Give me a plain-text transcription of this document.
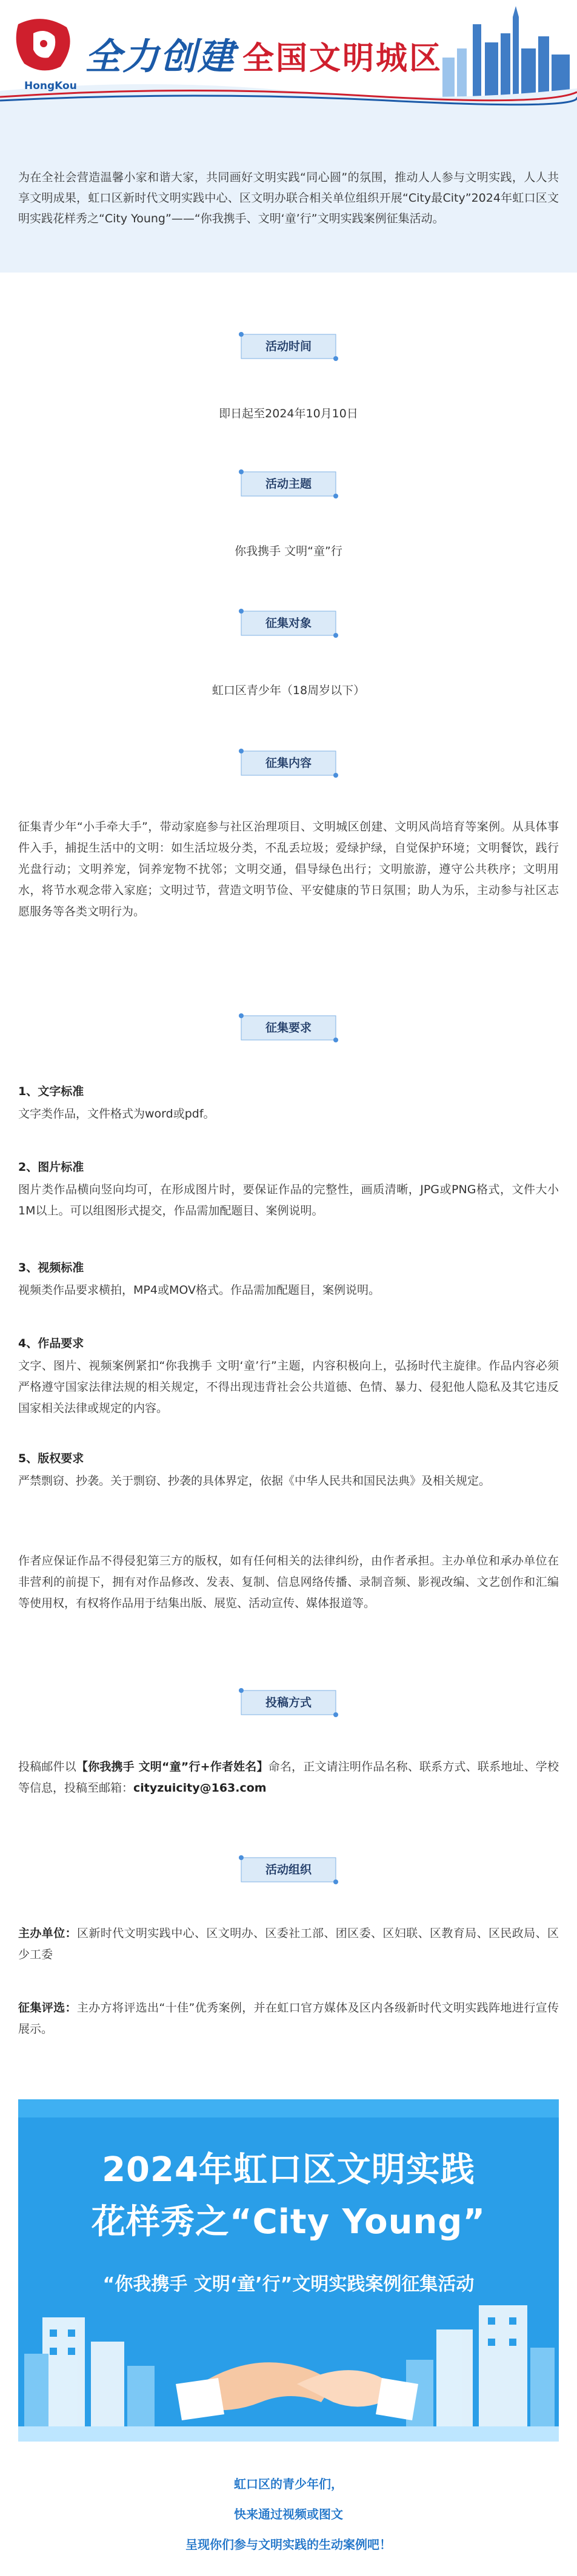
HongKou
全力创建 全国文明城区
为在全社会营造温馨小家和谐大家，共同画好文明实践“同心圆”的氛围，推动人人参与文明实践，人人共享文明成果，虹口区新时代文明实践中心、区文明办联合相关单位组织开展“City最City”2024年虹口区文明实践花样秀之“City Young”——“你我携手、文明‘童’行”文明实践案例征集活动。
活动时间
即日起至2024年10月10日
活动主题
你我携手 文明“童”行
征集对象
虹口区青少年（18周岁以下）
征集内容
征集青少年“小手牵大手”，带动家庭参与社区治理项目、文明城区创建、文明风尚培育等案例。从具体事件入手，捕捉生活中的文明：如生活垃圾分类，不乱丢垃圾；爱绿护绿，自觉保护环境；文明餐饮，践行光盘行动；文明养宠，饲养宠物不扰邻；文明交通，倡导绿色出行；文明旅游，遵守公共秩序；文明用水，将节水观念带入家庭；文明过节，营造文明节俭、平安健康的节日氛围；助人为乐，主动参与社区志愿服务等各类文明行为。
征集要求
1、文字标准
文字类作品，文件格式为word或pdf。
2、图片标准
图片类作品横向竖向均可，在形成图片时，要保证作品的完整性，画质清晰，JPG或PNG格式，文件大小1M以上。可以组图形式提交，作品需加配题目、案例说明。
3、视频标准
视频类作品要求横拍，MP4或MOV格式。作品需加配题目，案例说明。
4、作品要求
文字、图片、视频案例紧扣“你我携手 文明‘童’行”主题，内容积极向上，弘扬时代主旋律。作品内容必须严格遵守国家法律法规的相关规定，不得出现违背社会公共道德、色情、暴力、侵犯他人隐私及其它违反国家相关法律或规定的内容。
5、版权要求
严禁剽窃、抄袭。关于剽窃、抄袭的具体界定，依据《中华人民共和国民法典》及相关规定。
作者应保证作品不得侵犯第三方的版权，如有任何相关的法律纠纷，由作者承担。主办单位和承办单位在非营利的前提下，拥有对作品修改、发表、复制、信息网络传播、录制音频、影视改编、文艺创作和汇编等使用权，有权将作品用于结集出版、展览、活动宣传、媒体报道等。
投稿方式
投稿邮件以【你我携手 文明“童”行+作者姓名】命名，正文请注明作品名称、联系方式、联系地址、学校等信息，投稿至邮箱：cityzuicity@163.com
活动组织
主办单位：区新时代文明实践中心、区文明办、区委社工部、团区委、区妇联、区教育局、区民政局、区少工委
征集评选：主办方将评选出“十佳”优秀案例，并在虹口官方媒体及区内各级新时代文明实践阵地进行宣传展示。
2024年虹口区文明实践
花样秀之“City Young”
“你我携手 文明‘童’行”文明实践案例征集活动
虹口区的青少年们，
快来通过视频或图文
呈现你们参与文明实践的生动案例吧！
